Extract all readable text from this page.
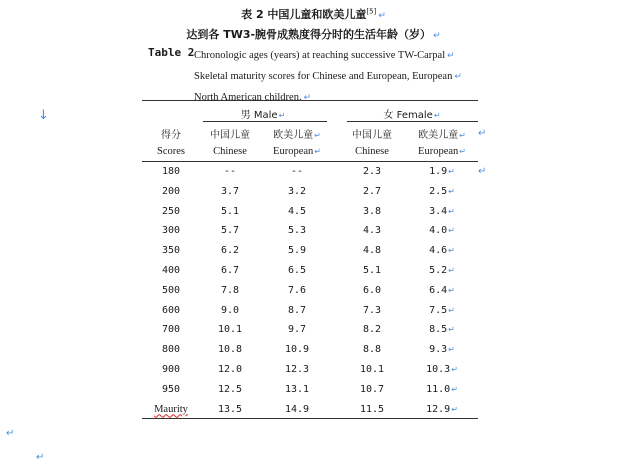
表 2 中国儿童和欧美儿童[5] ↵
达到各 TW3-腕骨成熟度得分时的生活年龄（岁） ↵
Table 2 Chronologic ages (years) at reaching successive TW-Carpal ↵
Skeletal maturity scores for Chinese and European, European ↵
North American children. ↵
↓	男 Male↵	女 Female↵
得分	中国儿童	欧美儿童↵	中国儿童	欧美儿童↵
Scores	Chinese	European↵	Chinese	European↵
180	--	--	2.3	1.9↵
200	3.7	3.2	2.7	2.5↵
250	5.1	4.5	3.8	3.4↵
300	5.7	5.3	4.3	4.0↵
350	6.2	5.9	4.8	4.6↵
400	6.7	6.5	5.1	5.2↵
500	7.8	7.6	6.0	6.4↵
600	9.0	8.7	7.3	7.5↵
700	10.1	9.7	8.2	8.5↵
800	10.8	10.9	8.8	9.3↵
900	12.0	12.3	10.1	10.3↵
950	12.5	13.1	10.7	11.0↵
Maurity	13.5	14.9	11.5	12.9↵
↵
↵
↵
↵
